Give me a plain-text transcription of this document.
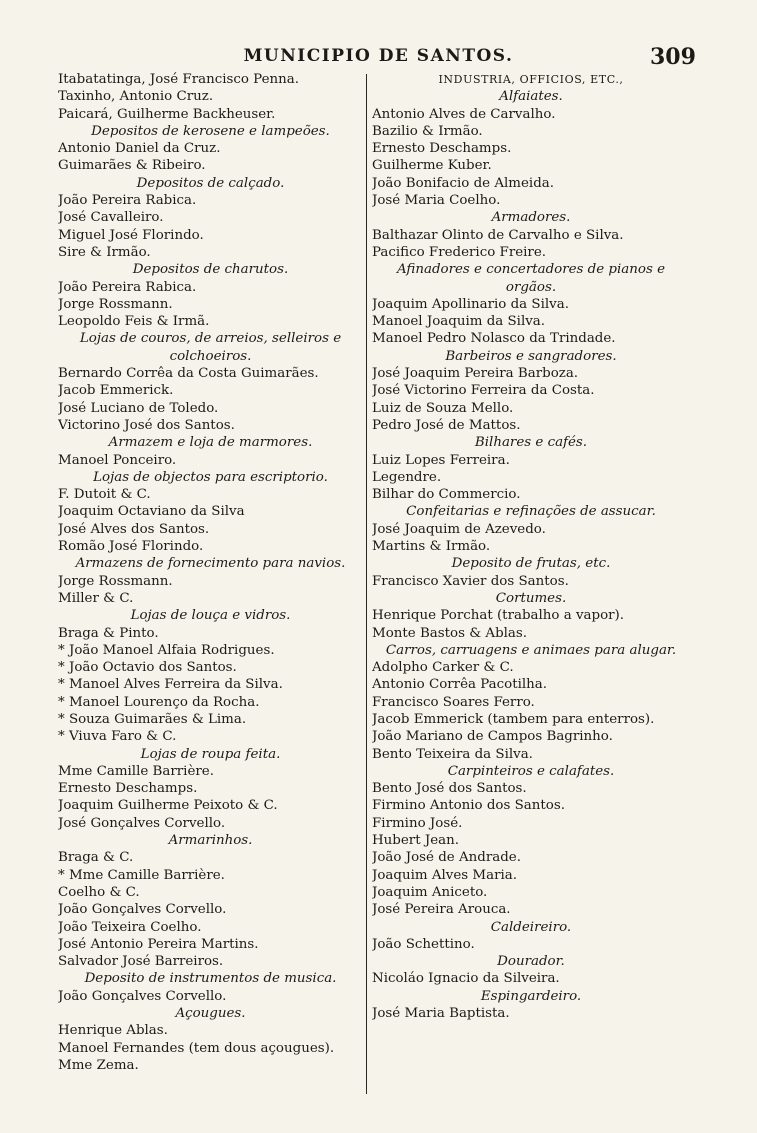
MUNICIPIO DE SANTOS.	309
Itabatatinga, José Francisco Penna.
Taxinho, Antonio Cruz.
Paicará, Guilherme Backheuser.
Depositos de kerosene e lampeões.
Antonio Daniel da Cruz.
Guimarães & Ribeiro.
Depositos de calçado.
João Pereira Rabica.
José Cavalleiro.
Miguel José Florindo.
Sire & Irmão.
Depositos de charutos.
João Pereira Rabica.
Jorge Rossmann.
Leopoldo Feis & Irmã.
Lojas de couros, de arreios, selleiros e
colchoeiros.
Bernardo Corrêa da Costa Guimarães.
Jacob Emmerick.
José Luciano de Toledo.
Victorino José dos Santos.
Armazem e loja de marmores.
Manoel Ponceiro.
Lojas de objectos para escriptorio.
F. Dutoit & C.
Joaquim Octaviano da Silva
José Alves dos Santos.
Romão José Florindo.
Armazens de fornecimento para navios.
Jorge Rossmann.
Miller & C.
Lojas de louça e vidros.
Braga & Pinto.
* João Manoel Alfaia Rodrigues.
* João Octavio dos Santos.
* Manoel Alves Ferreira da Silva.
* Manoel Lourenço da Rocha.
* Souza Guimarães & Lima.
* Viuva Faro & C.
Lojas de roupa feita.
Mme Camille Barrière.
Ernesto Deschamps.
Joaquim Guilherme Peixoto & C.
José Gonçalves Corvello.
Armarinhos.
Braga & C.
* Mme Camille Barrière.
Coelho & C.
João Gonçalves Corvello.
João Teixeira Coelho.
José Antonio Pereira Martins.
Salvador José Barreiros.
Deposito de instrumentos de musica.
João Gonçalves Corvello.
Açougues.
Henrique Ablas.
Manoel Fernandes (tem dous açougues).
Mme Zema.
INDUSTRIA, OFFICIOS, ETC.,
Alfaiates.
Antonio Alves de Carvalho.
Bazilio & Irmão.
Ernesto Deschamps.
Guilherme Kuber.
João Bonifacio de Almeida.
José Maria Coelho.
Armadores.
Balthazar Olinto de Carvalho e Silva.
Pacifico Frederico Freire.
Afinadores e concertadores de pianos e
orgãos.
Joaquim Apollinario da Silva.
Manoel Joaquim da Silva.
Manoel Pedro Nolasco da Trindade.
Barbeiros e sangradores.
José Joaquim Pereira Barboza.
José Victorino Ferreira da Costa.
Luiz de Souza Mello.
Pedro José de Mattos.
Bilhares e cafés.
Luiz Lopes Ferreira.
Legendre.
Bilhar do Commercio.
Confeitarias e refinações de assucar.
José Joaquim de Azevedo.
Martins & Irmão.
Deposito de frutas, etc.
Francisco Xavier dos Santos.
Cortumes.
Henrique Porchat (trabalho a vapor).
Monte Bastos & Ablas.
Carros, carruagens e animaes para alugar.
Adolpho Carker & C.
Antonio Corrêa Pacotilha.
Francisco Soares Ferro.
Jacob Emmerick (tambem para enterros).
João Mariano de Campos Bagrinho.
Bento Teixeira da Silva.
Carpinteiros e calafates.
Bento José dos Santos.
Firmino Antonio dos Santos.
Firmino José.
Hubert Jean.
João José de Andrade.
Joaquim Alves Maria.
Joaquim Aniceto.
José Pereira Arouca.
Caldeireiro.
João Schettino.
Dourador.
Nicoláo Ignacio da Silveira.
Espingardeiro.
José Maria Baptista.
